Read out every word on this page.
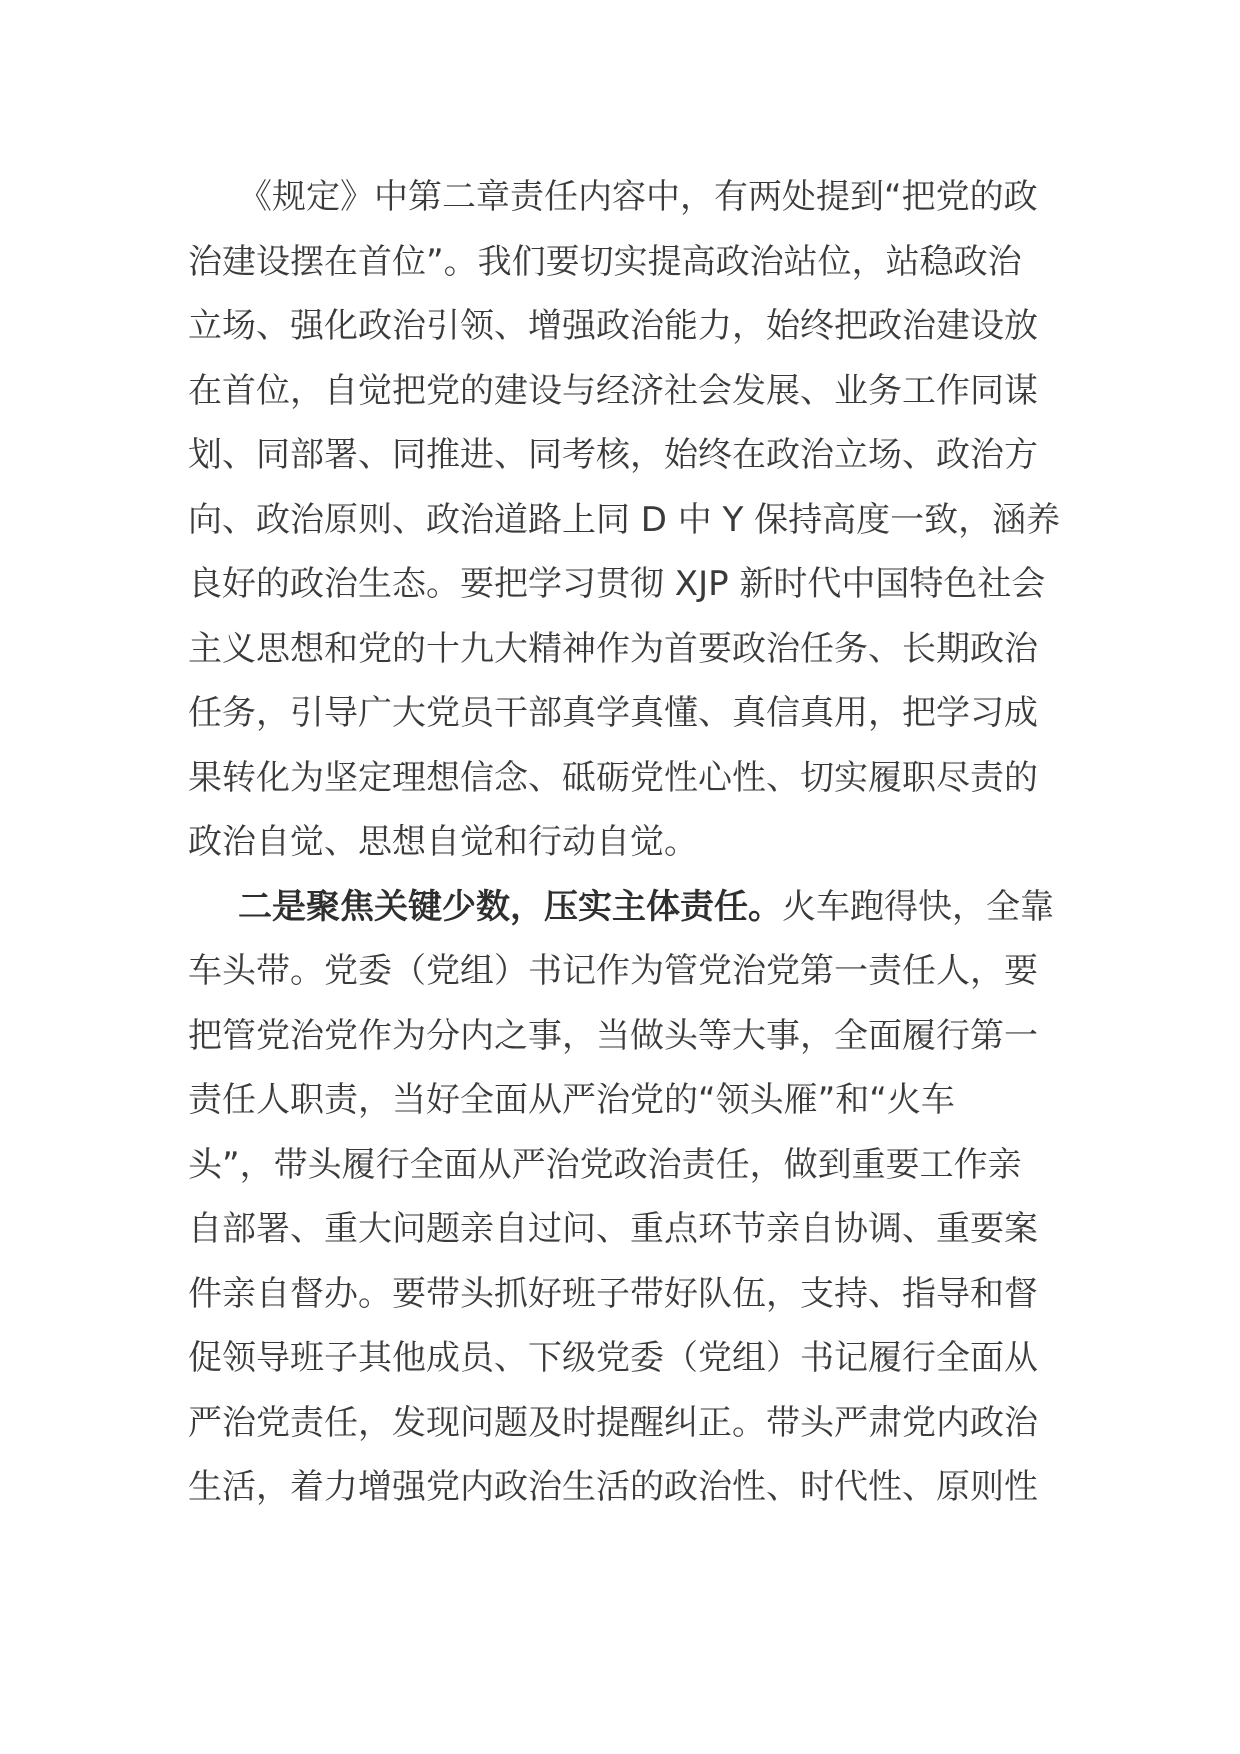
《规定》中第二章责任内容中，有两处提到“把党的政
治建设摆在首位”。我们要切实提高政治站位，站稳政治
立场、强化政治引领、增强政治能力，始终把政治建设放
在首位，自觉把党的建设与经济社会发展、业务工作同谋
划、同部署、同推进、同考核，始终在政治立场、政治方
向、政治原则、政治道路上同 D 中 Y 保持高度一致，涵养
良好的政治生态。要把学习贯彻 XJP 新时代中国特色社会
主义思想和党的十九大精神作为首要政治任务、长期政治
任务，引导广大党员干部真学真懂、真信真用，把学习成
果转化为坚定理想信念、砥砺党性心性、切实履职尽责的
政治自觉、思想自觉和行动自觉。
二是聚焦关键少数，压实主体责任。火车跑得快，全靠
车头带。党委（党组）书记作为管党治党第一责任人，要
把管党治党作为分内之事，当做头等大事，全面履行第一
责任人职责，当好全面从严治党的“领头雁”和“火车
头”，带头履行全面从严治党政治责任，做到重要工作亲
自部署、重大问题亲自过问、重点环节亲自协调、重要案
件亲自督办。要带头抓好班子带好队伍，支持、指导和督
促领导班子其他成员、下级党委（党组）书记履行全面从
严治党责任，发现问题及时提醒纠正。带头严肃党内政治
生活，着力增强党内政治生活的政治性、时代性、原则性
